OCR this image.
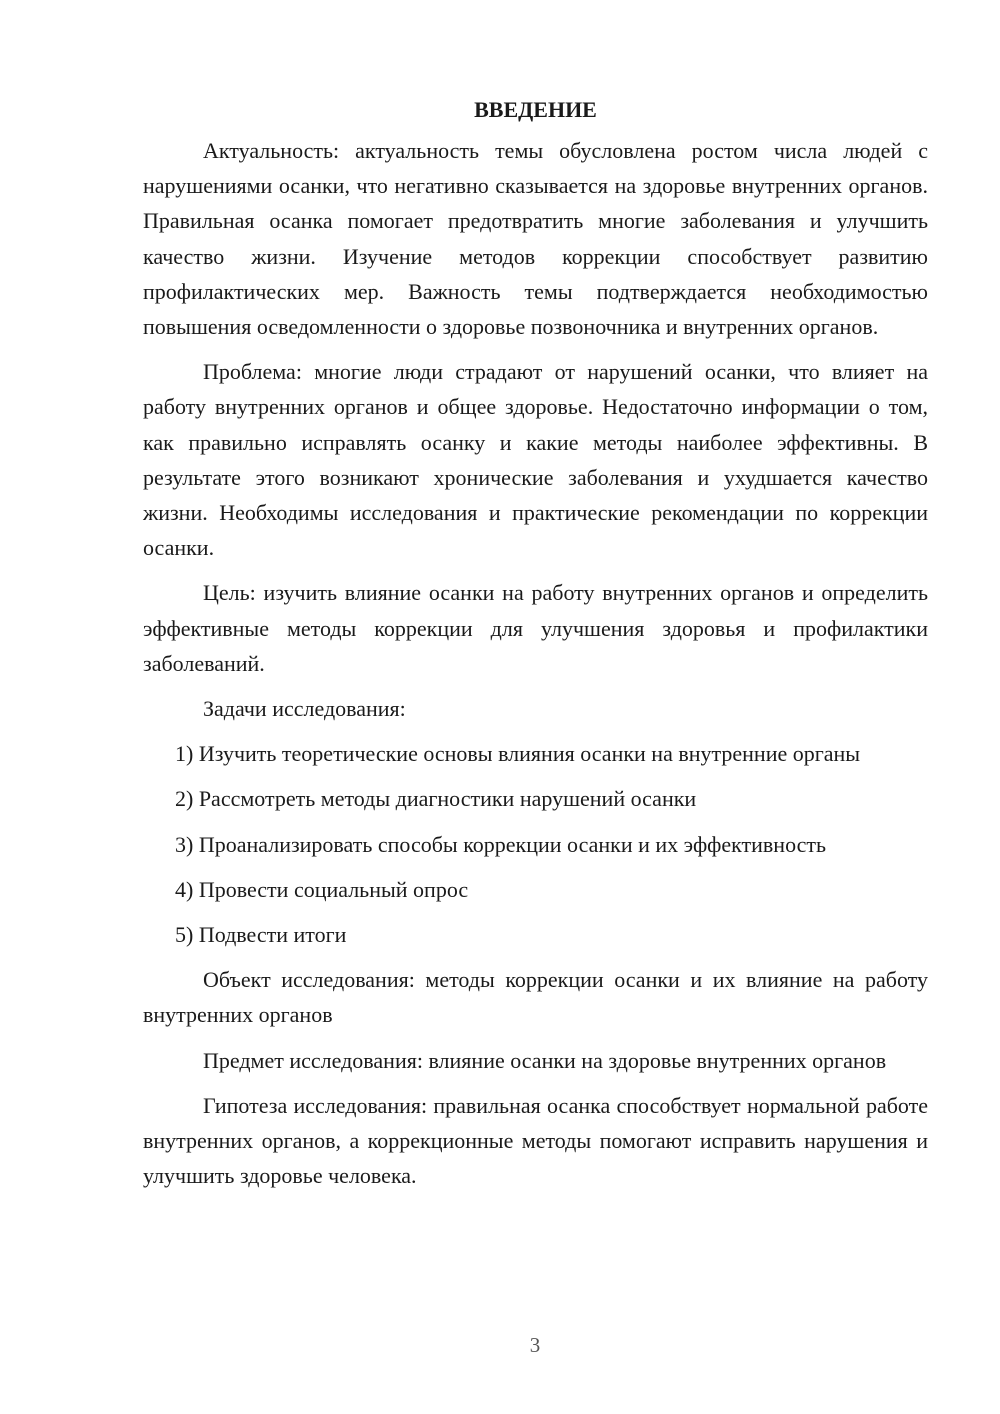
ВВЕДЕНИЕ

Актуальность: актуальность темы обусловлена ростом числа людей с нарушениями осанки, что негативно сказывается на здоровье внутренних органов. Правильная осанка помогает предотвратить многие заболевания и улучшить качество жизни. Изучение методов коррекции способствует развитию профилактических мер. Важность темы подтверждается необходимостью повышения осведомленности о здоровье позвоночника и внутренних органов.

Проблема: многие люди страдают от нарушений осанки, что влияет на работу внутренних органов и общее здоровье. Недостаточно информации о том, как правильно исправлять осанку и какие методы наиболее эффективны. В результате этого возникают хронические заболевания и ухудшается качество жизни. Необходимы исследования и практические рекомендации по коррекции осанки.

Цель: изучить влияние осанки на работу внутренних органов и определить эффективные методы коррекции для улучшения здоровья и профилактики заболеваний.

Задачи исследования:

1) Изучить теоретические основы влияния осанки на внутренние органы

2) Рассмотреть методы диагностики нарушений осанки

3) Проанализировать способы коррекции осанки и их эффективность

4) Провести социальный опрос

5) Подвести итоги

Объект исследования: методы коррекции осанки и их влияние на работу внутренних органов

Предмет исследования: влияние осанки на здоровье внутренних органов

Гипотеза исследования: правильная осанка способствует нормальной работе внутренних органов, а коррекционные методы помогают исправить нарушения и улучшить здоровье человека.

3
